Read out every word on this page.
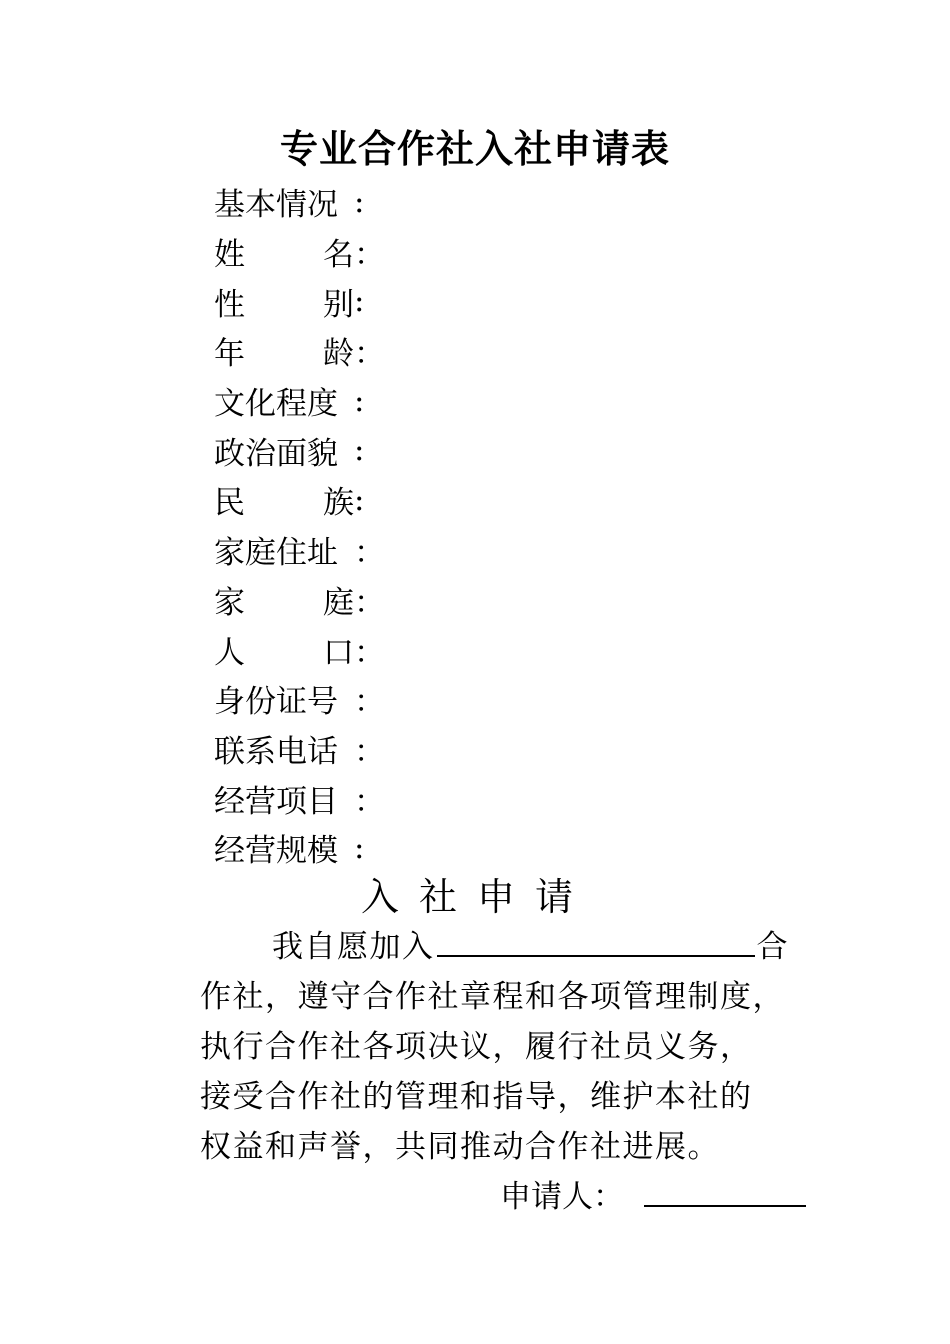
专业合作社入社申请表
基本情况 :
姓名 ：
性别 :
年龄 ：
文化程度 :
政治面貌 :
民族 :
家庭住址 ：
家庭 ：
人口 ：
身份证号 ：
联系电话 ：
经营项目 ：
经营规模 :
入社申请
我自愿加入	合
作社，遵守合作社章程和各项管理制度，
执行合作社各项决议，履行社员义务，
接受合作社的管理和指导，维护本社的
权益和声誉，共同推动合作社进展。
申请人：
